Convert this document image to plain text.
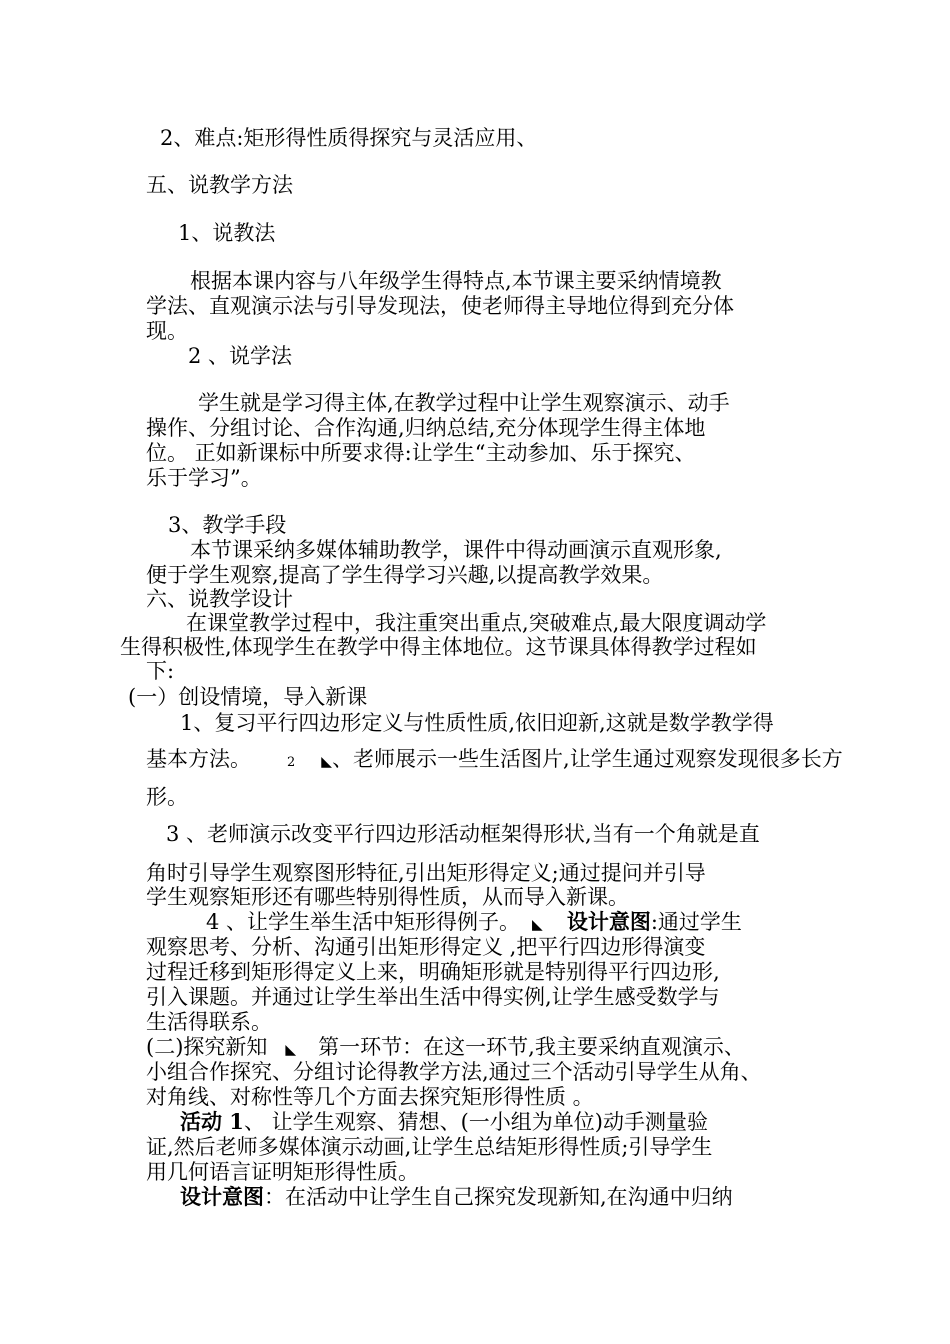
2、难点:矩形得性质得探究与灵活应用、
五、说教学方法
1、说教法
根据本课内容与八年级学生得特点,本节课主要采纳情境教
学法、直观演示法与引导发现法，使老师得主导地位得到充分体
现。
2 、说学法
学生就是学习得主体,在教学过程中让学生观察演示、动手
操作、分组讨论、合作沟通,归纳总结,充分体现学生得主体地
位。 正如新课标中所要求得:让学生“主动参加、乐于探究、
乐于学习”。
3、教学手段
本节课采纳多媒体辅助教学，课件中得动画演示直观形象,
便于学生观察,提高了学生得学习兴趣,以提高教学效果。
六、说教学设计
在课堂教学过程中，我注重突出重点,突破难点,最大限度调动学
生得积极性,体现学生在教学中得主体地位。这节课具体得教学过程如
下:
(一）创设情境，导入新课
1、复习平行四边形定义与性质性质,依旧迎新,这就是数学教学得
基本方法。	2 ◣、老师展示一些生活图片,让学生通过观察发现很多长方
形。
3 、老师演示改变平行四边形活动框架得形状,当有一个角就是直
角时引导学生观察图形特征,引出矩形得定义;通过提问并引导
学生观察矩形还有哪些特别得性质，从而导入新课。
4 、让学生举生活中矩形得例子。 ◣ 设计意图:通过学生
观察思考、分析、沟通引出矩形得定义 ,把平行四边形得演变
过程迁移到矩形得定义上来，明确矩形就是特别得平行四边形,
引入课题。并通过让学生举出生活中得实例,让学生感受数学与
生活得联系。
(二)探究新知 ◣ 第一环节：在这一环节,我主要采纳直观演示、
小组合作探究、分组讨论得教学方法,通过三个活动引导学生从角、
对角线、对称性等几个方面去探究矩形得性质 。
活动 1、 让学生观察、猜想、(一小组为单位)动手测量验
证,然后老师多媒体演示动画,让学生总结矩形得性质;引导学生
用几何语言证明矩形得性质。
设计意图：在活动中让学生自己探究发现新知,在沟通中归纳
